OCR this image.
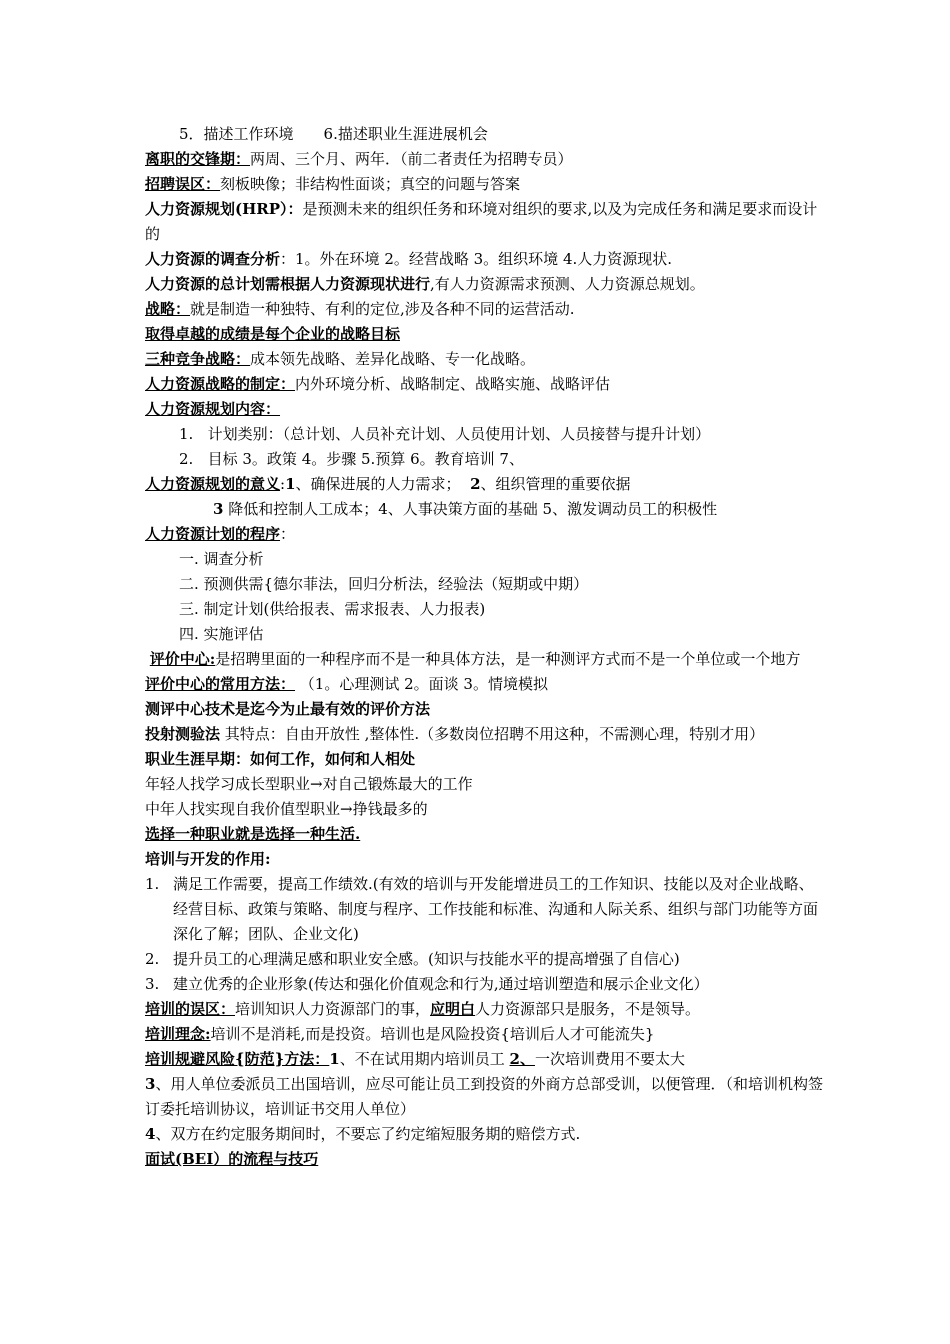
5．描述工作环境 6.描述职业生涯进展机会
离职的交锋期：两周、三个月、两年．（前二者责任为招聘专员）
招聘误区：刻板映像；非结构性面谈；真空的问题与答案
人力资源规划(HRP）：是预测未来的组织任务和环境对组织的要求,以及为完成任务和满足要求而设计的
人力资源的调查分析：1。外在环境 2。经营战略 3。组织环境 4.人力资源现状.
人力资源的总计划需根据人力资源现状进行,有人力资源需求预测、人力资源总规划。
战略：就是制造一种独特、有利的定位,涉及各种不同的运营活动.
取得卓越的成绩是每个企业的战略目标
三种竞争战略：成本领先战略、差异化战略、专一化战略。
人力资源战略的制定：内外环境分析、战略制定、战略实施、战略评估
人力资源规划内容：
1. 计划类别：（总计划、人员补充计划、人员使用计划、人员接替与提升计划）
2. 目标 3。政策 4。步骤 5.预算 6。教育培训 7、
人力资源规划的意义:1、确保进展的人力需求； 2、组织管理的重要依据
3 降低和控制人工成本；4、人事决策方面的基础 5、激发调动员工的积极性
人力资源计划的程序：
一. 调查分析
二. 预测供需{德尔菲法，回归分析法，经验法（短期或中期）
三. 制定计划(供给报表、需求报表、人力报表)
四. 实施评估
评价中心:是招聘里面的一种程序而不是一种具体方法，是一种测评方式而不是一个单位或一个地方
评价中心的常用方法： （1。心理测试 2。面谈 3。情境模拟
测评中心技术是迄今为止最有效的评价方法
投射测验法 其特点：自由开放性 ,整体性.（多数岗位招聘不用这种，不需测心理，特别才用）
职业生涯早期：如何工作，如何和人相处
年轻人找学习成长型职业→对自己锻炼最大的工作
中年人找实现自我价值型职业→挣钱最多的
选择一种职业就是选择一种生活.
培训与开发的作用:
1. 满足工作需要，提高工作绩效.(有效的培训与开发能增进员工的工作知识、技能以及对企业战略、经营目标、政策与策略、制度与程序、工作技能和标准、沟通和人际关系、组织与部门功能等方面深化了解；团队、企业文化)
2. 提升员工的心理满足感和职业安全感。(知识与技能水平的提高增强了自信心)
3. 建立优秀的企业形象(传达和强化价值观念和行为,通过培训塑造和展示企业文化）
培训的误区：培训知识人力资源部门的事，应明白人力资源部只是服务，不是领导。
培训理念:培训不是消耗,而是投资。培训也是风险投资{培训后人才可能流失}
培训规避风险{防范}方法：1、不在试用期内培训员工 2、一次培训费用不要太大
3、用人单位委派员工出国培训，应尽可能让员工到投资的外商方总部受训，以便管理．（和培训机构签订委托培训协议，培训证书交用人单位）
4、双方在约定服务期间时，不要忘了约定缩短服务期的赔偿方式.
面试(BEI）的流程与技巧
